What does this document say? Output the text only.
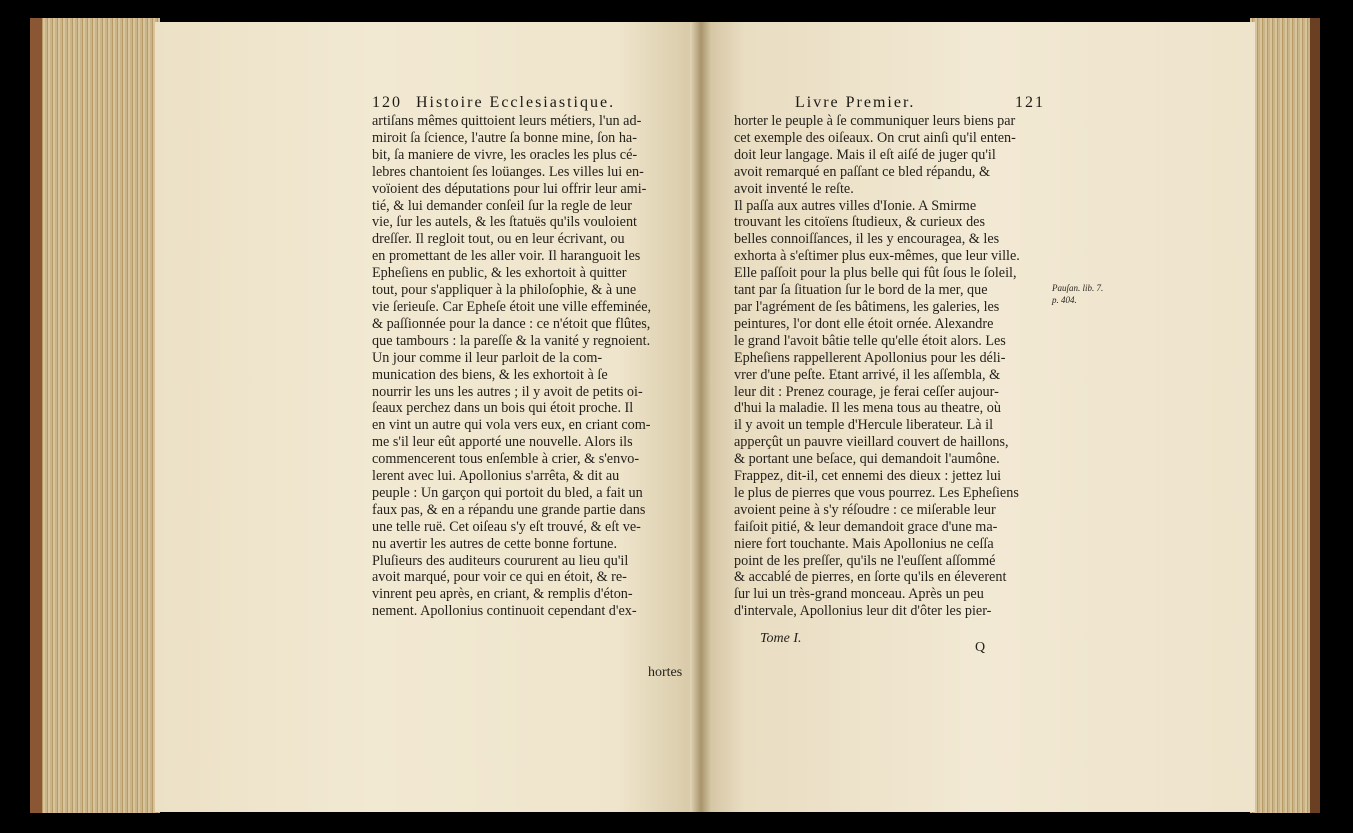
120 Histoire Ecclesiastique.
artiſans mêmes quittoient leurs métiers, l'un ad-
miroit ſa ſcience, l'autre ſa bonne mine, ſon ha-
bit, ſa maniere de vivre, les oracles les plus cé-
lebres chantoient ſes loüanges. Les villes lui en-
voïoient des députations pour lui offrir leur ami-
tié, & lui demander conſeil ſur la regle de leur
vie, ſur les autels, & les ſtatuës qu'ils vouloient
dreſſer. Il regloit tout, ou en leur écrivant, ou
en promettant de les aller voir. Il haranguoit les
Epheſiens en public, & les exhortoit à quitter
tout, pour s'appliquer à la philoſophie, & à une
vie ſerieuſe. Car Epheſe étoit une ville effeminée,
& paſſionnée pour la dance : ce n'étoit que flûtes,
que tambours : la pareſſe & la vanité y regnoient.
Un jour comme il leur parloit de la com-
munication des biens, & les exhortoit à ſe
nourrir les uns les autres ; il y avoit de petits oi-
ſeaux perchez dans un bois qui étoit proche. Il
en vint un autre qui vola vers eux, en criant com-
me s'il leur eût apporté une nouvelle. Alors ils
commencerent tous enſemble à crier, & s'envo-
lerent avec lui. Apollonius s'arrêta, & dit au
peuple : Un garçon qui portoit du bled, a fait un
faux pas, & en a répandu une grande partie dans
une telle ruë. Cet oiſeau s'y eſt trouvé, & eſt ve-
nu avertir les autres de cette bonne fortune.
Pluſieurs des auditeurs coururent au lieu qu'il
avoit marqué, pour voir ce qui en étoit, & re-
vinrent peu après, en criant, & remplis d'éton-
nement. Apollonius continuoit cependant d'ex-
hortes
Livre Premier.	121
horter le peuple à ſe communiquer leurs biens par
cet exemple des oiſeaux. On crut ainſi qu'il enten-
doit leur langage. Mais il eſt aiſé de juger qu'il
avoit remarqué en paſſant ce bled répandu, &
avoit inventé le reſte.
Il paſſa aux autres villes d'Ionie. A Smirme
trouvant les citoïens ſtudieux, & curieux des
belles connoiſſances, il les y encouragea, & les
exhorta à s'eſtimer plus eux-mêmes, que leur ville.
Elle paſſoit pour la plus belle qui fût ſous le ſoleil,
tant par ſa ſituation ſur le bord de la mer, que
par l'agrément de ſes bâtimens, les galeries, les
peintures, l'or dont elle étoit ornée. Alexandre
le grand l'avoit bâtie telle qu'elle étoit alors. Les
Epheſiens rappellerent Apollonius pour les déli-
vrer d'une peſte. Etant arrivé, il les aſſembla, &
leur dit : Prenez courage, je ferai ceſſer aujour-
d'hui la maladie. Il les mena tous au theatre, où
il y avoit un temple d'Hercule liberateur. Là il
apperçût un pauvre vieillard couvert de haillons,
& portant une beſace, qui demandoit l'aumône.
Frappez, dit-il, cet ennemi des dieux : jettez lui
le plus de pierres que vous pourrez. Les Epheſiens
avoient peine à s'y réſoudre : ce miſerable leur
faiſoit pitié, & leur demandoit grace d'une ma-
niere fort touchante. Mais Apollonius ne ceſſa
point de les preſſer, qu'ils ne l'euſſent aſſommé
& accablé de pierres, en ſorte qu'ils en éleverent
ſur lui un très-grand monceau. Après un peu
d'intervale, Apollonius leur dit d'ôter les pier-
Pauſan. lib. 7.
p. 404.
Tome I.
Q
